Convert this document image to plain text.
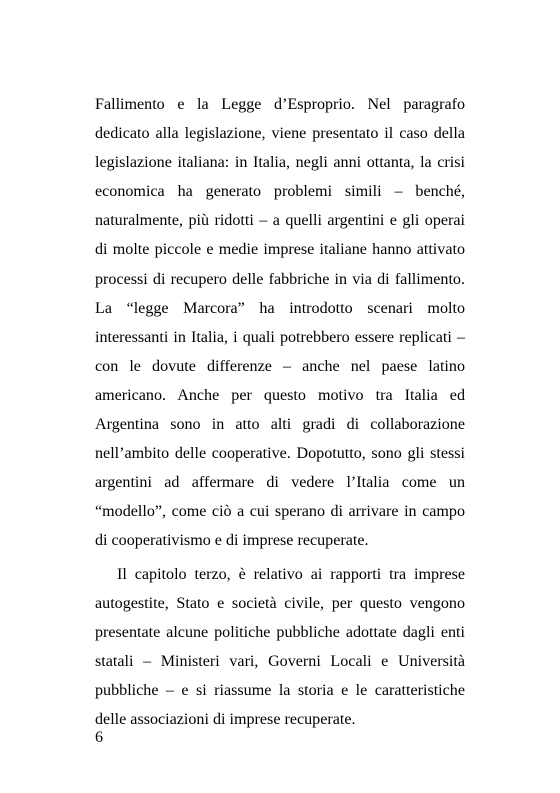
Fallimento e la Legge d’Esproprio. Nel paragrafo dedicato alla legislazione, viene presentato il caso della legislazione italiana: in Italia, negli anni ottanta, la crisi economica ha generato problemi simili – benché, naturalmente, più ridotti – a quelli argentini e gli operai di molte piccole e medie imprese italiane hanno attivato processi di recupero delle fabbriche in via di fallimento. La “legge Marcora” ha introdotto scenari molto interessanti in Italia, i quali potrebbero essere replicati – con le dovute differenze – anche nel paese latino americano. Anche per questo motivo tra Italia ed Argentina sono in atto alti gradi di collaborazione nell’ambito delle cooperative. Dopotutto, sono gli stessi argentini ad affermare di vedere l’Italia come un “modello”, come ciò a cui sperano di arrivare in campo di cooperativismo e di imprese recuperate.

Il capitolo terzo, è relativo ai rapporti tra imprese autogestite, Stato e società civile, per questo vengono presentate alcune politiche pubbliche adottate dagli enti statali – Ministeri vari, Governi Locali e Università pubbliche – e si riassume la storia e le caratteristiche delle associazioni di imprese recuperate.

6
